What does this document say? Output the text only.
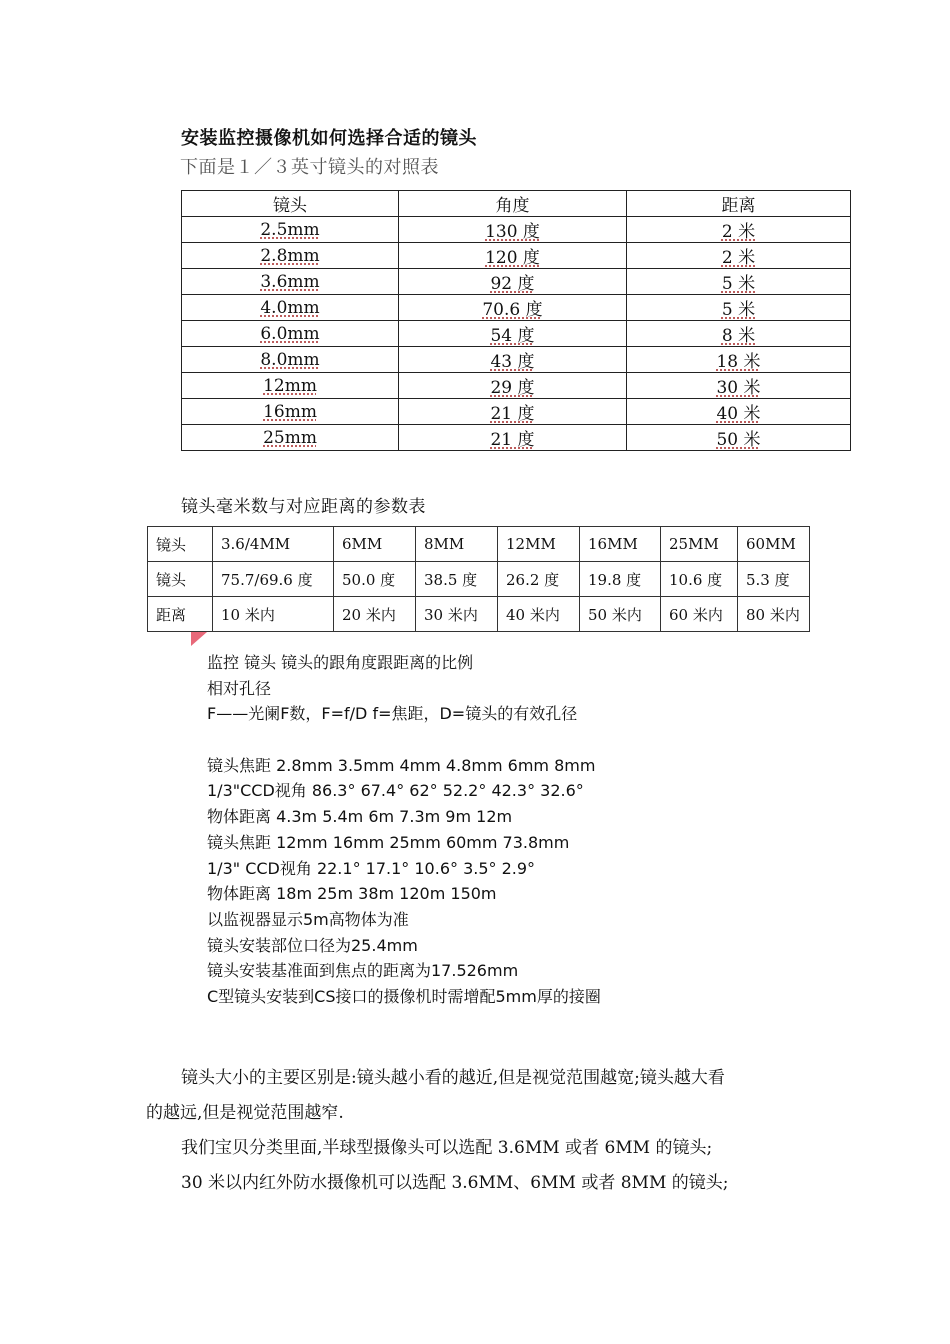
安装监控摄像机如何选择合适的镜头
下面是１／３英寸镜头的对照表
镜头	角度	距离
2.5mm	130 度	2 米
2.8mm	120 度	2 米
3.6mm	92 度	5 米
4.0mm	70.6 度	5 米
6.0mm	54 度	8 米
8.0mm	43 度	18 米
12mm	29 度	30 米
16mm	21 度	40 米
25mm	21 度	50 米
镜头毫米数与对应距离的参数表
镜头	3.6/4MM	6MM	8MM	12MM	16MM	25MM	60MM
镜头	75.7/69.6 度	50.0 度	38.5 度	26.2 度	19.8 度	10.6 度	5.3 度
距离	10 米内	20 米内	30 米内	40 米内	50 米内	60 米内	80 米内
监控 镜头 镜头的跟角度跟距离的比例
相对孔径
F——光阑F数，F=f/D f=焦距，D=镜头的有效孔径
镜头焦距 2.8mm 3.5mm 4mm 4.8mm 6mm 8mm
1/3"CCD视角 86.3° 67.4° 62° 52.2° 42.3° 32.6°
物体距离 4.3m 5.4m 6m 7.3m 9m 12m
镜头焦距 12mm 16mm 25mm 60mm 73.8mm
1/3" CCD视角 22.1° 17.1° 10.6° 3.5° 2.9°
物体距离 18m 25m 38m 120m 150m
以监视器显示5m高物体为准
镜头安装部位口径为25.4mm
镜头安装基准面到焦点的距离为17.526mm
C型镜头安装到CS接口的摄像机时需增配5mm厚的接圈
镜头大小的主要区别是:镜头越小看的越近,但是视觉范围越宽;镜头越大看
的越远,但是视觉范围越窄.
我们宝贝分类里面,半球型摄像头可以选配 3.6MM 或者 6MM 的镜头;
30 米以内红外防水摄像机可以选配 3.6MM、6MM 或者 8MM 的镜头;
